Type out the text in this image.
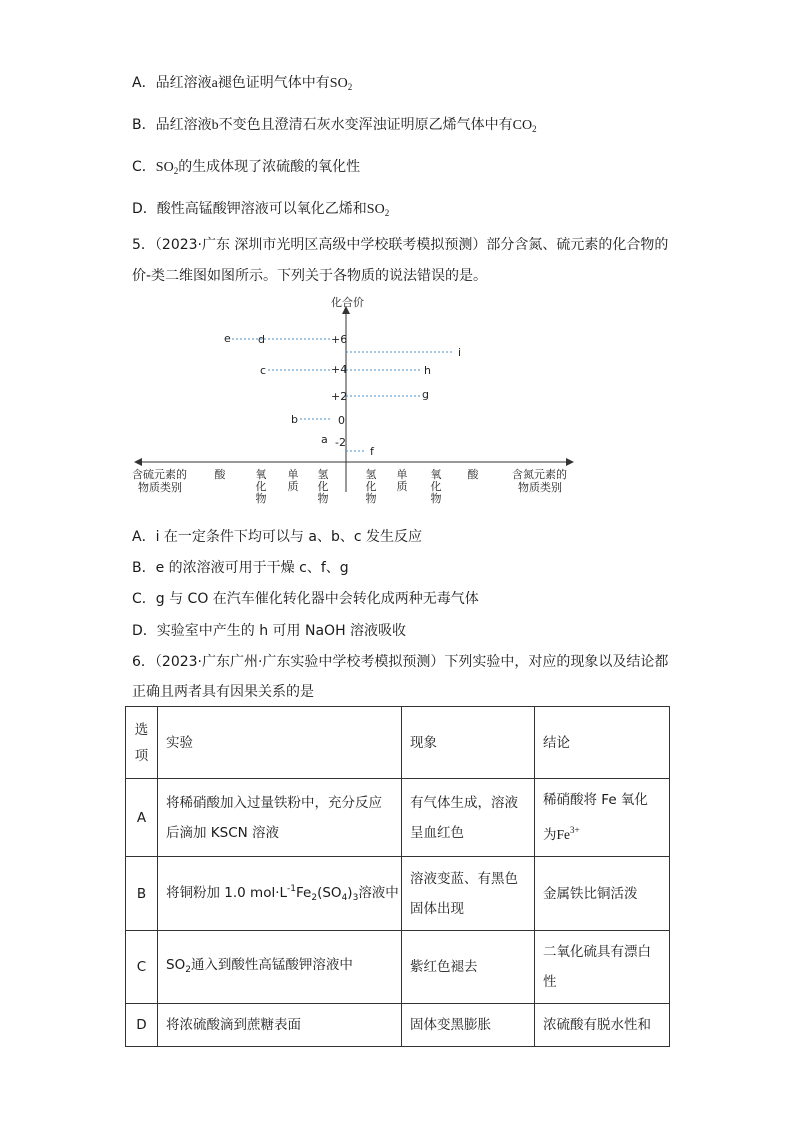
A．品红溶液a褪色证明气体中有$SO_2$
B．品红溶液b不变色且澄清石灰水变浑浊证明原乙烯气体中有$CO_2$
C．$SO_2$的生成体现了浓硫酸的氧化性
D．酸性高锰酸钾溶液可以氧化乙烯和$SO_2$
5．（2023·广东 深圳市光明区高级中学校联考模拟预测）部分含氮、硫元素的化合物的
价-类二维图如图所示。下列关于各物质的说法错误的是。
化合价
+6
+4
+2
0
-2
e d
c
b
a
i
h
g
f
含硫元素的
物质类别
含氮元素的
物质类别
酸	氧化物
单质
氢化物
氢化物
单质
氧化物
酸
A．i 在一定条件下均可以与 a、b、c 发生反应
B．e 的浓溶液可用于干燥 c、f、g
C．g 与 CO 在汽车催化转化器中会转化成两种无毒气体
D．实验室中产生的 h 可用 NaOH 溶液吸收
6．（2023·广东广州·广东实验中学校考模拟预测）下列实验中，对应的现象以及结论都
正确且两者具有因果关系的是
选项	实验	现象	结论
A	将稀硝酸加入过量铁粉中，充分反应后滴加 KSCN 溶液	有气体生成，溶液呈血红色	稀硝酸将 Fe 氧化为$Fe^{3+}$
B	将铜粉加 1.0 $mol\cdot L^{-1}Fe_2(SO_4)_3$溶液中	溶液变蓝、有黑色固体出现	金属铁比铜活泼
C	$SO_2$通入到酸性高锰酸钾溶液中	紫红色褪去	二氧化硫具有漂白性
D	将浓硫酸滴到蔗糖表面	固体变黑膨胀	浓硫酸有脱水性和
